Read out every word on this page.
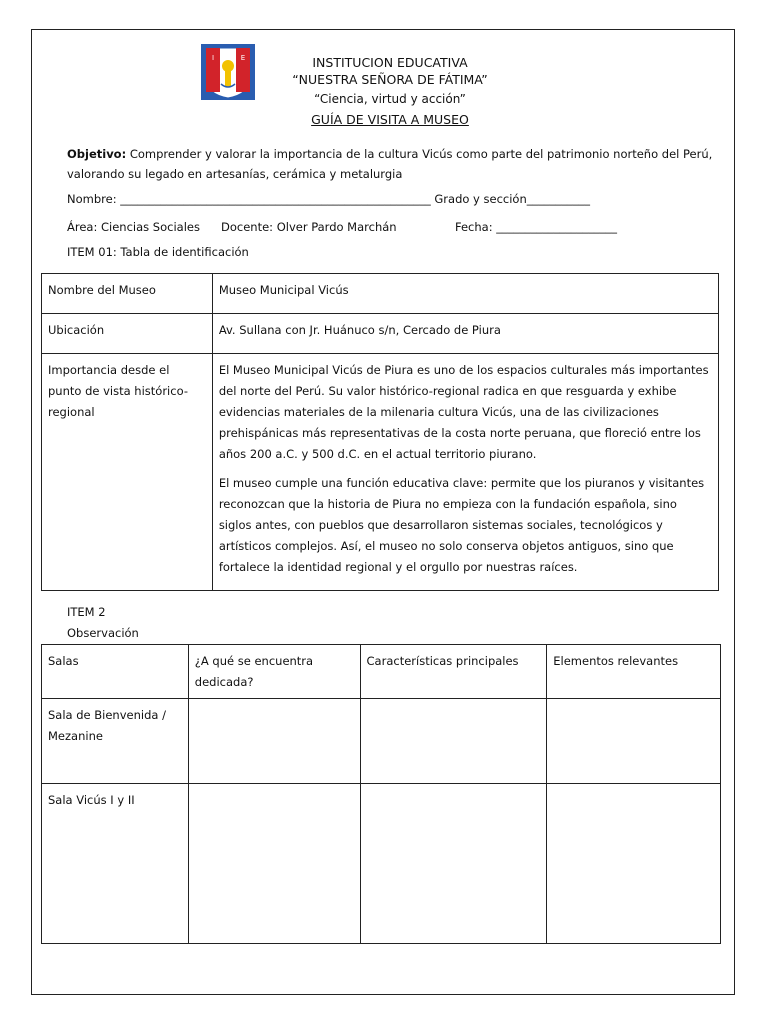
I	E	INSTITUCION EDUCATIVA
“NUESTRA SEÑORA DE FÁTIMA”
“Ciencia, virtud y acción”
GUÍA DE VISITA A MUSEO
Objetivo: Comprender y valorar la importancia de la cultura Vicús como parte del patrimonio norteño del Perú,
valorando su legado en artesanías, cerámica y metalurgia
Nombre: ______________________________________________________ Grado y sección___________
Área: Ciencias Sociales Docente: Olver Pardo Marchán	Fecha: _____________________
ITEM 01: Tabla de identificación
Nombre del Museo	Museo Municipal Vicús
Ubicación	Av. Sullana con Jr. Huánuco s/n, Cercado de Piura
Importancia desde el punto de vista histórico- regional	El Museo Municipal Vicús de Piura es uno de los espacios culturales más importantes del norte del Perú. Su valor histórico-regional radica en que resguarda y exhibe evidencias materiales de la milenaria cultura Vicús, una de las civilizaciones prehispánicas más representativas de la costa norte peruana, que floreció entre los años 200 a.C. y 500 d.C. en el actual territorio piurano.

El museo cumple una función educativa clave: permite que los piuranos y visitantes reconozcan que la historia de Piura no empieza con la fundación española, sino siglos antes, con pueblos que desarrollaron sistemas sociales, tecnológicos y artísticos complejos. Así, el museo no solo conserva objetos antiguos, sino que fortalece la identidad regional y el orgullo por nuestras raíces.

ITEM 2
Observación
Salas	¿A qué se encuentra dedicada?	Características principales	Elementos relevantes
Sala de Bienvenida / Mezanine			
Sala Vicús I y II			
